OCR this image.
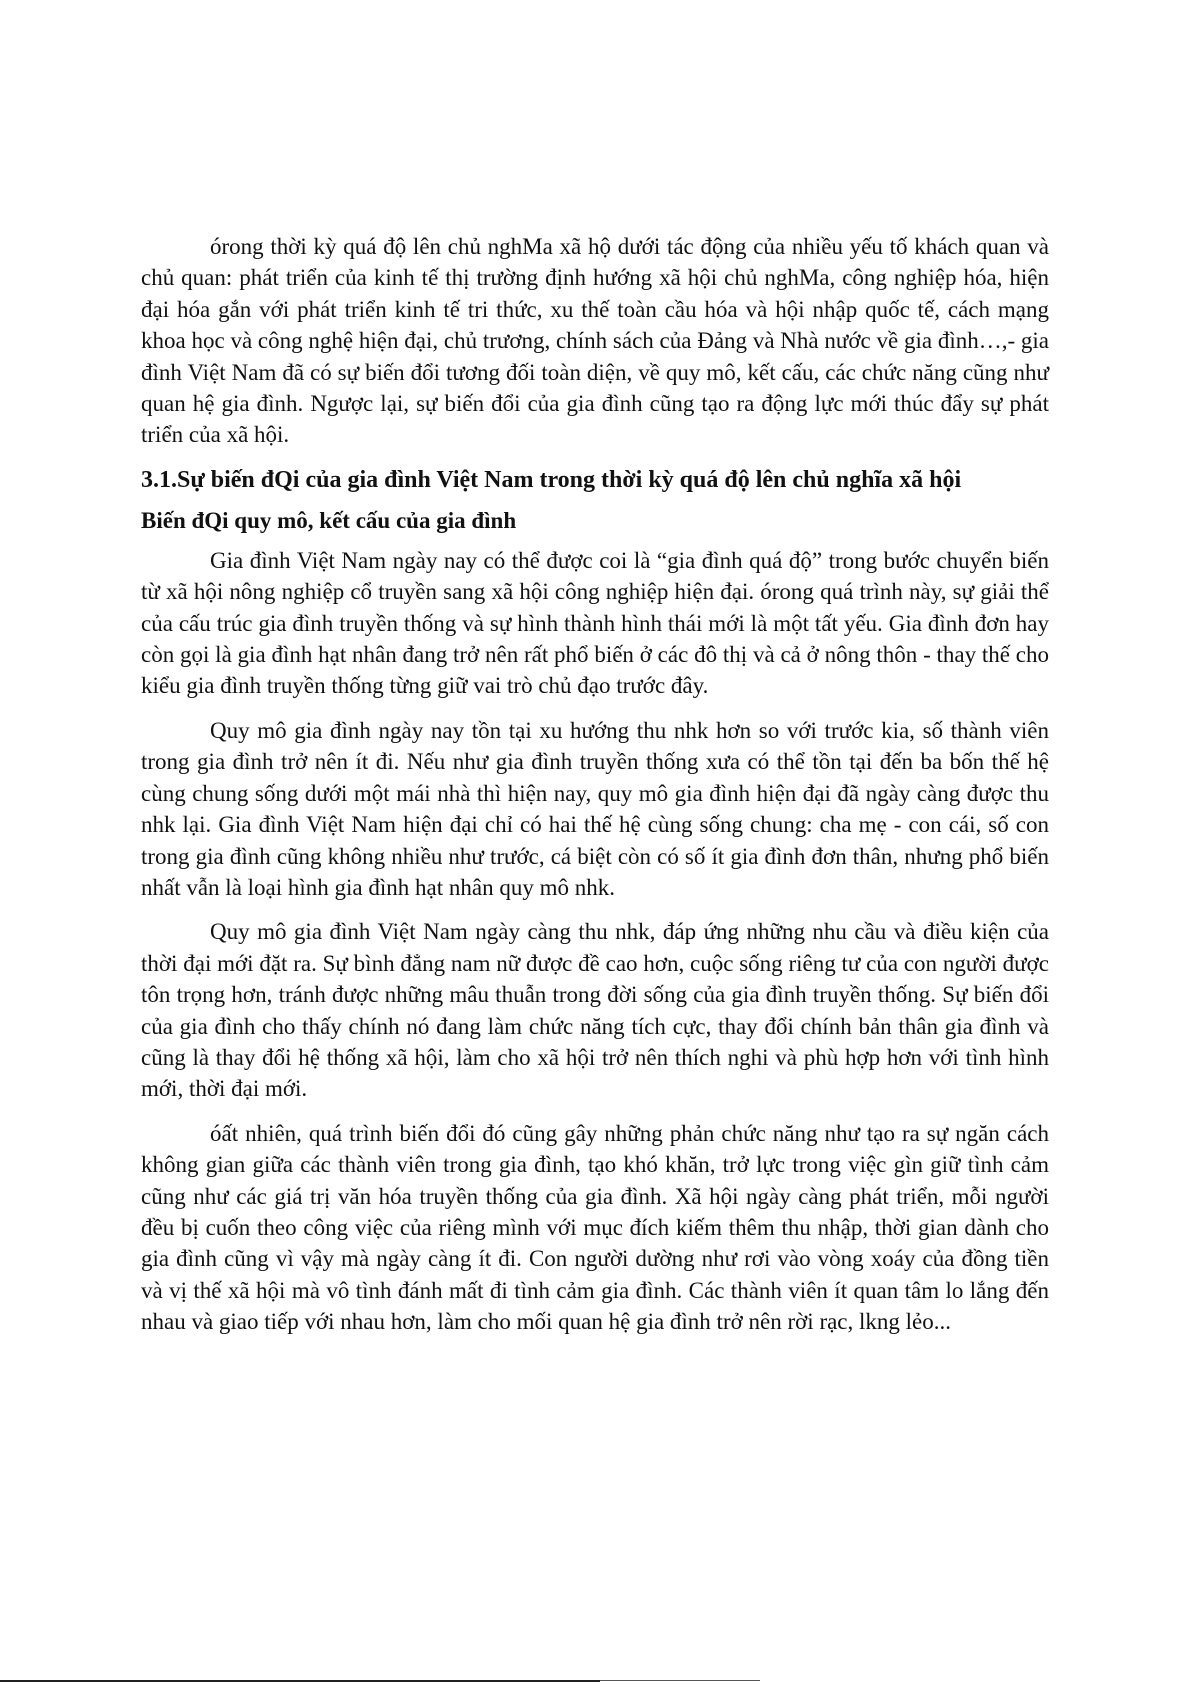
órong thời kỳ quá độ lên chủ nghMa xã hộ dưới tác động của nhiều yếu tố khách quan và chủ quan: phát triển của kinh tế thị trường định hướng xã hội chủ nghMa, công nghiệp hóa, hiện đại hóa gắn với phát triển kinh tế tri thức, xu thế toàn cầu hóa và hội nhập quốc tế, cách mạng khoa học và công nghệ hiện đại, chủ trương, chính sách của Đảng và Nhà nước về gia đình…,- gia đình Việt Nam đã có sự biến đổi tương đối toàn diện, về quy mô, kết cấu, các chức năng cũng như quan hệ gia đình. Ngược lại, sự biến đổi của gia đình cũng tạo ra động lực mới thúc đẩy sự phát triển của xã hội.

3.1.Sự biến đQi của gia đình Việt Nam trong thời kỳ quá độ lên chủ nghĩa xã hội
Biến đQi quy mô, kết cấu của gia đình

Gia đình Việt Nam ngày nay có thể được coi là “gia đình quá độ” trong bước chuyển biến từ xã hội nông nghiệp cổ truyền sang xã hội công nghiệp hiện đại. órong quá trình này, sự giải thể của cấu trúc gia đình truyền thống và sự hình thành hình thái mới là một tất yếu. Gia đình đơn hay còn gọi là gia đình hạt nhân đang trở nên rất phổ biến ở các đô thị và cả ở nông thôn - thay thế cho kiểu gia đình truyền thống từng giữ vai trò chủ đạo trước đây.

Quy mô gia đình ngày nay tồn tại xu hướng thu nhk hơn so với trước kia, số thành viên trong gia đình trở nên ít đi. Nếu như gia đình truyền thống xưa có thể tồn tại đến ba bốn thế hệ cùng chung sống dưới một mái nhà thì hiện nay, quy mô gia đình hiện đại đã ngày càng được thu nhk lại. Gia đình Việt Nam hiện đại chỉ có hai thế hệ cùng sống chung: cha mẹ - con cái, số con trong gia đình cũng không nhiều như trước, cá biệt còn có số ít gia đình đơn thân, nhưng phổ biến nhất vẫn là loại hình gia đình hạt nhân quy mô nhk.

Quy mô gia đình Việt Nam ngày càng thu nhk, đáp ứng những nhu cầu và điều kiện của thời đại mới đặt ra. Sự bình đẳng nam nữ được đề cao hơn, cuộc sống riêng tư của con người được tôn trọng hơn, tránh được những mâu thuẫn trong đời sống của gia đình truyền thống. Sự biến đổi của gia đình cho thấy chính nó đang làm chức năng tích cực, thay đổi chính bản thân gia đình và cũng là thay đổi hệ thống xã hội, làm cho xã hội trở nên thích nghi và phù hợp hơn với tình hình mới, thời đại mới.

óất nhiên, quá trình biến đổi đó cũng gây những phản chức năng như tạo ra sự ngăn cách không gian giữa các thành viên trong gia đình, tạo khó khăn, trở lực trong việc gìn giữ tình cảm cũng như các giá trị văn hóa truyền thống của gia đình. Xã hội ngày càng phát triển, mỗi người đều bị cuốn theo công việc của riêng mình với mục đích kiếm thêm thu nhập, thời gian dành cho gia đình cũng vì vậy mà ngày càng ít đi. Con người dường như rơi vào vòng xoáy của đồng tiền và vị thế xã hội mà vô tình đánh mất đi tình cảm gia đình. Các thành viên ít quan tâm lo lắng đến nhau và giao tiếp với nhau hơn, làm cho mối quan hệ gia đình trở nên rời rạc, lkng lẻo...
